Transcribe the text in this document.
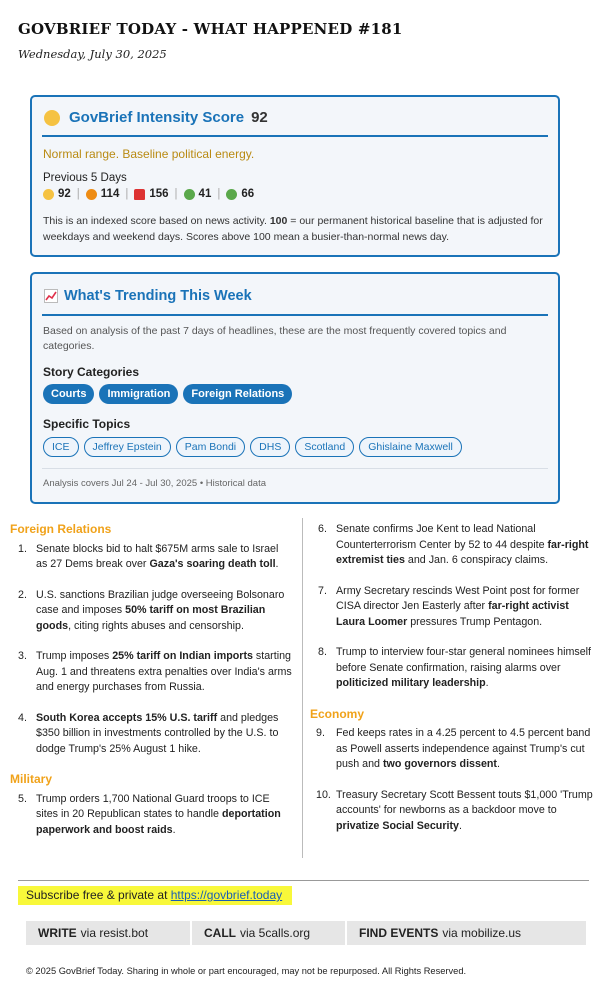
GOVBRIEF TODAY - WHAT HAPPENED #181
Wednesday, July 30, 2025
GovBrief Intensity Score 92
Normal range. Baseline political energy.
Previous 5 Days
92 | 114 | 156 | 41 | 66
This is an indexed score based on news activity. 100 = our permanent historical baseline that is adjusted for weekdays and weekend days. Scores above 100 mean a busier-than-normal news day.
What's Trending This Week
Based on analysis of the past 7 days of headlines, these are the most frequently covered topics and categories.
Story Categories
Courts	Immigration	Foreign Relations
Specific Topics
ICE	Jeffrey Epstein	Pam Bondi	DHS	Scotland	Ghislaine Maxwell
Analysis covers Jul 24 - Jul 30, 2025 • Historical data
Foreign Relations
1. Senate blocks bid to halt $675M arms sale to Israel as 27 Dems break over Gaza's soaring death toll.
2. U.S. sanctions Brazilian judge overseeing Bolsonaro case and imposes 50% tariff on most Brazilian goods, citing rights abuses and censorship.
3. Trump imposes 25% tariff on Indian imports starting Aug. 1 and threatens extra penalties over India's arms and energy purchases from Russia.
4. South Korea accepts 15% U.S. tariff and pledges $350 billion in investments controlled by the U.S. to dodge Trump's 25% August 1 hike.
Military
5. Trump orders 1,700 National Guard troops to ICE sites in 20 Republican states to handle deportation paperwork and boost raids.
6. Senate confirms Joe Kent to lead National Counterterrorism Center by 52 to 44 despite far-right extremist ties and Jan. 6 conspiracy claims.
7. Army Secretary rescinds West Point post for former CISA director Jen Easterly after far-right activist Laura Loomer pressures Trump Pentagon.
8. Trump to interview four-star general nominees himself before Senate confirmation, raising alarms over politicized military leadership.
Economy
9. Fed keeps rates in a 4.25 percent to 4.5 percent band as Powell asserts independence against Trump's cut push and two governors dissent.
10. Treasury Secretary Scott Bessent touts $1,000 'Trump accounts' for newborns as a backdoor move to privatize Social Security.
Subscribe free & private at https://govbrief.today
WRITE via resist.bot	CALL via 5calls.org	FIND EVENTS via mobilize.us
© 2025 GovBrief Today. Sharing in whole or part encouraged, may not be repurposed. All Rights Reserved.
